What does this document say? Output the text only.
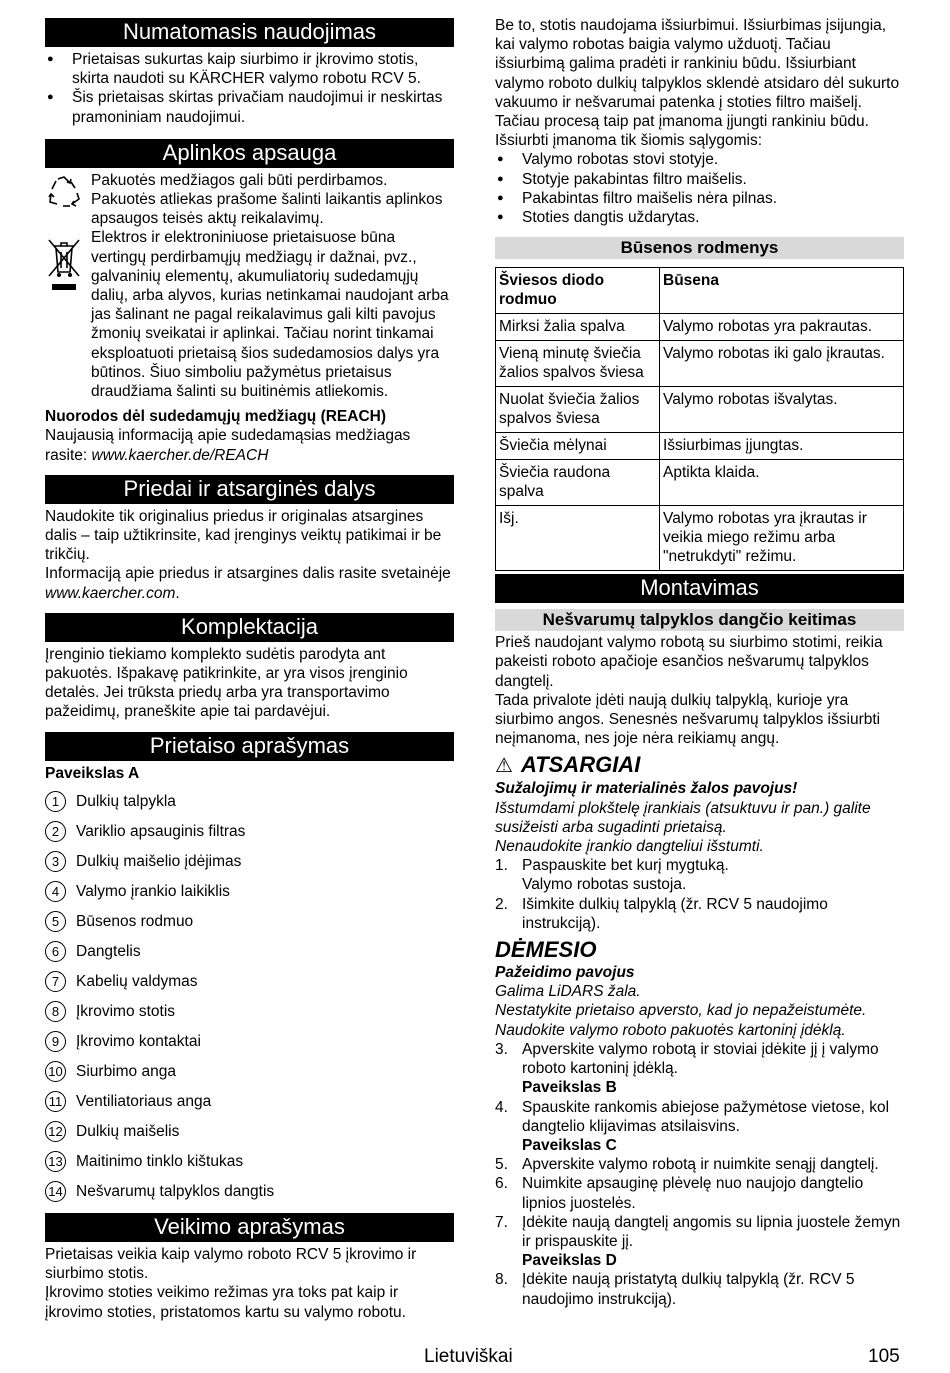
Numatomasis naudojimas
● Prietaisas sukurtas kaip siurbimo ir įkrovimo stotis, skirta naudoti su KÄRCHER valymo robotu RCV 5.
● Šis prietaisas skirtas privačiam naudojimui ir neskirtas pramoniniam naudojimui.
Aplinkos apsauga

Pakuotės medžiagos gali būti perdirbamos. Pakuotės atliekas prašome šalinti laikantis aplinkos apsaugos teisės aktų reikalavimų.

Elektros ir elektroniniuose prietaisuose būna vertingų perdirbamųjų medžiagų ir dažnai, pvz., galvaninių elementų, akumuliatorių sudedamųjų dalių, arba alyvos, kurias netinkamai naudojant arba jas šalinant ne pagal reikalavimus gali kilti pavojus žmonių sveikatai ir aplinkai. Tačiau norint tinkamai eksploatuoti prietaisą šios sudedamosios dalys yra būtinos. Šiuo simboliu pažymėtus prietaisus draudžiama šalinti su buitinėmis atliekomis.

Nuorodos dėl sudedamųjų medžiagų (REACH)

Naujausią informaciją apie sudedamąsias medžiagas rasite: www.kaercher.de/REACH

Priedai ir atsarginės dalys

Naudokite tik originalius priedus ir originalas atsargines dalis – taip užtikrinsite, kad įrenginys veiktų patikimai ir be trikčių.

Informaciją apie priedus ir atsargines dalis rasite svetainėje www.kaercher.com.

Komplektacija

Įrenginio tiekiamo komplekto sudėtis parodyta ant pakuotės. Išpakavę patikrinkite, ar yra visos įrenginio detalės. Jei trūksta priedų arba yra transportavimo pažeidimų, praneškite apie tai pardavėjui.

Prietaiso aprašymas

Paveikslas A

1	Dulkių talpykla
2	Variklio apsauginis filtras
3	Dulkių maišelio įdėjimas
4	Valymo įrankio laikiklis
5	Būsenos rodmuo
6	Dangtelis
7	Kabelių valdymas
8	Įkrovimo stotis
9	Įkrovimo kontaktai
10 Siurbimo anga
11 Ventiliatoriaus anga
12 Dulkių maišelis
13 Maitinimo tinklo kištukas
14 Nešvarumų talpyklos dangtis
Veikimo aprašymas

Prietaisas veikia kaip valymo roboto RCV 5 įkrovimo ir siurbimo stotis.

Įkrovimo stoties veikimo režimas yra toks pat kaip ir įkrovimo stoties, pristatomos kartu su valymo robotu.

Be to, stotis naudojama išsiurbimui. Išsiurbimas įsijungia, kai valymo robotas baigia valymo užduotį. Tačiau išsiurbimą galima pradėti ir rankiniu būdu. Išsiurbiant valymo roboto dulkių talpyklos sklendė atsidaro dėl sukurto vakuumo ir nešvarumai patenka į stoties filtro maišelį.

Tačiau procesą taip pat įmanoma įjungti rankiniu būdu. Išsiurbti įmanoma tik šiomis sąlygomis:

● Valymo robotas stovi stotyje.
● Stotyje pakabintas filtro maišelis.
● Pakabintas filtro maišelis nėra pilnas.
● Stoties dangtis uždarytas.
Būsenos rodmenys
Šviesos diodo rodmuo	Būsena
Mirksi žalia spalva	Valymo robotas yra pakrautas.
Vieną minutę šviečia žalios spalvos šviesa	Valymo robotas iki galo įkrautas.
Nuolat šviečia žalios spalvos šviesa	Valymo robotas išvalytas.
Šviečia mėlynai	Išsiurbimas įjungtas.
Šviečia raudona spalva	Aptikta klaida.
Išj.	Valymo robotas yra įkrautas ir veikia miego režimu arba "netrukdyti" režimu.
Montavimas
Nešvarumų talpyklos dangčio keitimas

Prieš naudojant valymo robotą su siurbimo stotimi, reikia pakeisti roboto apačioje esančios nešvarumų talpyklos dangtelį.

Tada privalote įdėti naują dulkių talpyklą, kurioje yra siurbimo angos. Senesnės nešvarumų talpyklos išsiurbti neįmanoma, nes joje nėra reikiamų angų.

⚠ ATSARGIAI

Sužalojimų ir materialinės žalos pavojus!

Išstumdami plokštelę įrankiais (atsuktuvu ir pan.) galite susižeisti arba sugadinti prietaisą.

Nenaudokite įrankio dangteliui išstumti.

1. Paspauskite bet kurį mygtuką.
Valymo robotas sustoja.
2. Išimkite dulkių talpyklą (žr. RCV 5 naudojimo instrukciją).
DĖMESIO

Pažeidimo pavojus

Galima LiDARS žala.

Nestatykite prietaiso apversto, kad jo nepažeistumėte. Naudokite valymo roboto pakuotės kartoninį įdėklą.

3. Apverskite valymo robotą ir stoviai įdėkite jį į valymo roboto kartoninį įdėklą.
Paveikslas B
4. Spauskite rankomis abiejose pažymėtose vietose, kol dangtelio klijavimas atsilaisvins.
Paveikslas C
5. Apverskite valymo robotą ir nuimkite senąjį dangtelį.
6. Nuimkite apsauginę plėvelę nuo naujojo dangtelio lipnios juostelės.
7. Įdėkite naują dangtelį angomis su lipnia juostele žemyn ir prispauskite jį.
Paveikslas D
8. Įdėkite naują pristatytą dulkių talpyklą (žr. RCV 5 naudojimo instrukciją).
Lietuviškai	105
